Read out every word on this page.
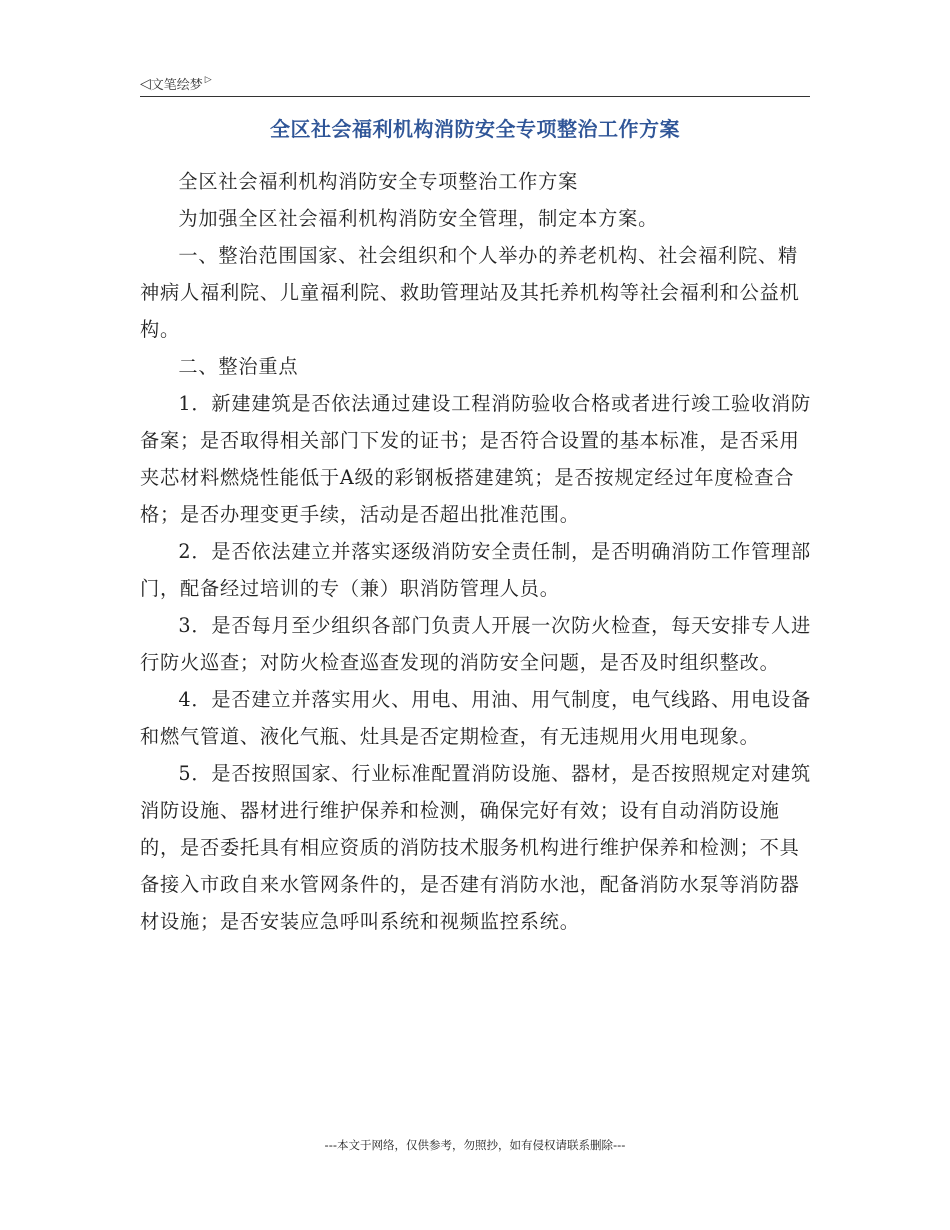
◁ 文笔绘梦 ▷
全区社会福利机构消防安全专项整治工作方案

全区社会福利机构消防安全专项整治工作方案

为加强全区社会福利机构消防安全管理，制定本方案。

一、整治范围国家、社会组织和个人举办的养老机构、社会福利院、精神病人福利院、儿童福利院、救助管理站及其托养机构等社会福利和公益机构。

二、整治重点

1．新建建筑是否依法通过建设工程消防验收合格或者进行竣工验收消防备案；是否取得相关部门下发的证书；是否符合设置的基本标准，是否采用夹芯材料燃烧性能低于A级的彩钢板搭建建筑；是否按规定经过年度检查合格；是否办理变更手续，活动是否超出批准范围。

2．是否依法建立并落实逐级消防安全责任制，是否明确消防工作管理部门，配备经过培训的专（兼）职消防管理人员。

3．是否每月至少组织各部门负责人开展一次防火检查，每天安排专人进行防火巡查；对防火检查巡查发现的消防安全问题，是否及时组织整改。

4．是否建立并落实用火、用电、用油、用气制度，电气线路、用电设备和燃气管道、液化气瓶、灶具是否定期检查，有无违规用火用电现象。

5．是否按照国家、行业标准配置消防设施、器材，是否按照规定对建筑消防设施、器材进行维护保养和检测，确保完好有效；设有自动消防设施的，是否委托具有相应资质的消防技术服务机构进行维护保养和检测；不具备接入市政自来水管网条件的，是否建有消防水池，配备消防水泵等消防器材设施；是否安装应急呼叫系统和视频监控系统。

---本文于网络，仅供参考，勿照抄，如有侵权请联系删除---
